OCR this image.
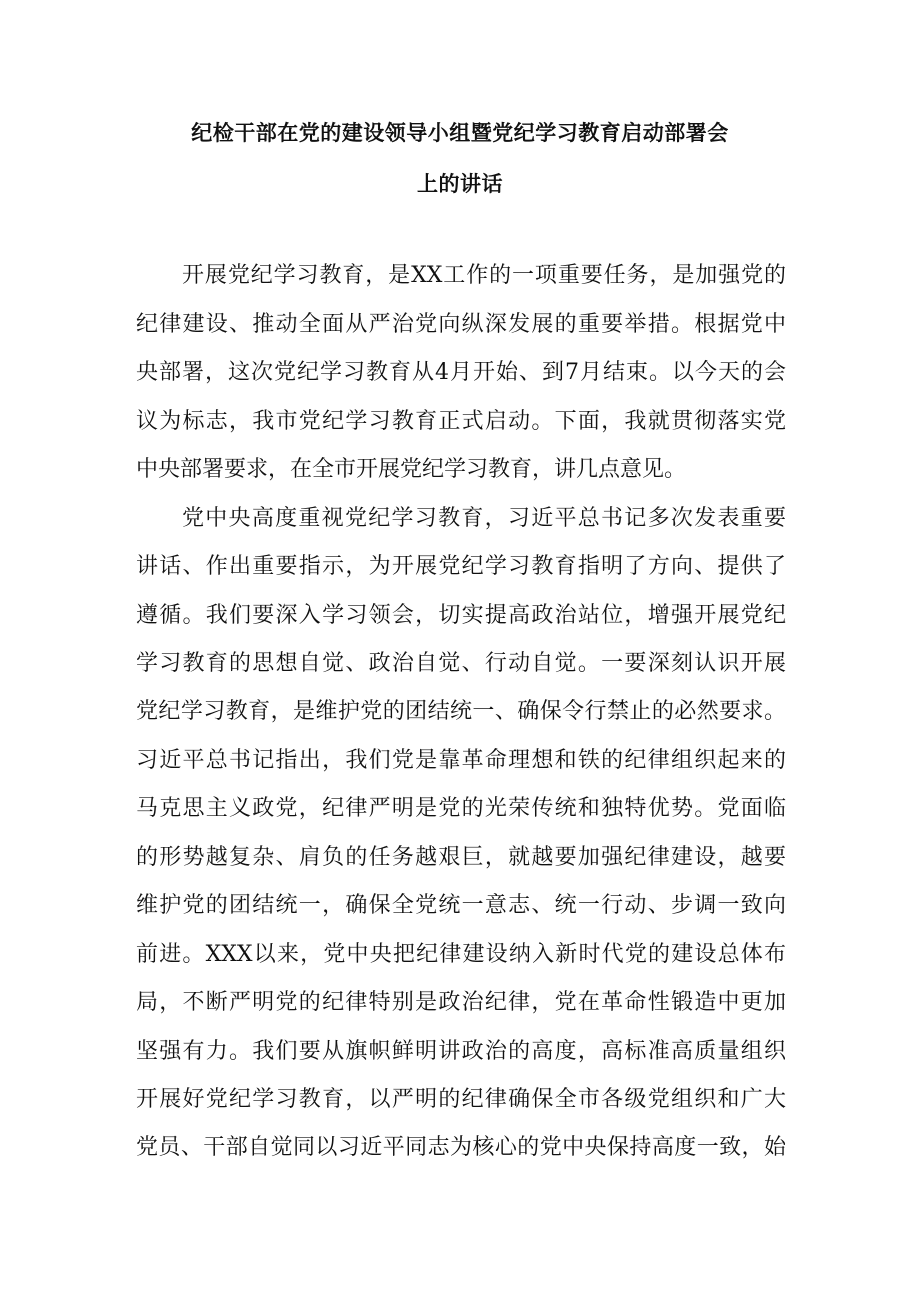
纪检干部在党的建设领导小组暨党纪学习教育启动部署会
上的讲话
开展党纪学习教育，是XX工作的一项重要任务，是加强党的
纪律建设、推动全面从严治党向纵深发展的重要举措。根据党中
央部署，这次党纪学习教育从4月开始、到7月结束。以今天的会
议为标志，我市党纪学习教育正式启动。下面，我就贯彻落实党
中央部署要求，在全市开展党纪学习教育，讲几点意见。
党中央高度重视党纪学习教育，习近平总书记多次发表重要
讲话、作出重要指示，为开展党纪学习教育指明了方向、提供了
遵循。我们要深入学习领会，切实提高政治站位，增强开展党纪
学习教育的思想自觉、政治自觉、行动自觉。一要深刻认识开展
党纪学习教育，是维护党的团结统一、确保令行禁止的必然要求。
习近平总书记指出，我们党是靠革命理想和铁的纪律组织起来的
马克思主义政党，纪律严明是党的光荣传统和独特优势。党面临
的形势越复杂、肩负的任务越艰巨，就越要加强纪律建设，越要
维护党的团结统一，确保全党统一意志、统一行动、步调一致向
前进。XXX以来，党中央把纪律建设纳入新时代党的建设总体布
局，不断严明党的纪律特别是政治纪律，党在革命性锻造中更加
坚强有力。我们要从旗帜鲜明讲政治的高度，高标准高质量组织
开展好党纪学习教育，以严明的纪律确保全市各级党组织和广大
党员、干部自觉同以习近平同志为核心的党中央保持高度一致，始
